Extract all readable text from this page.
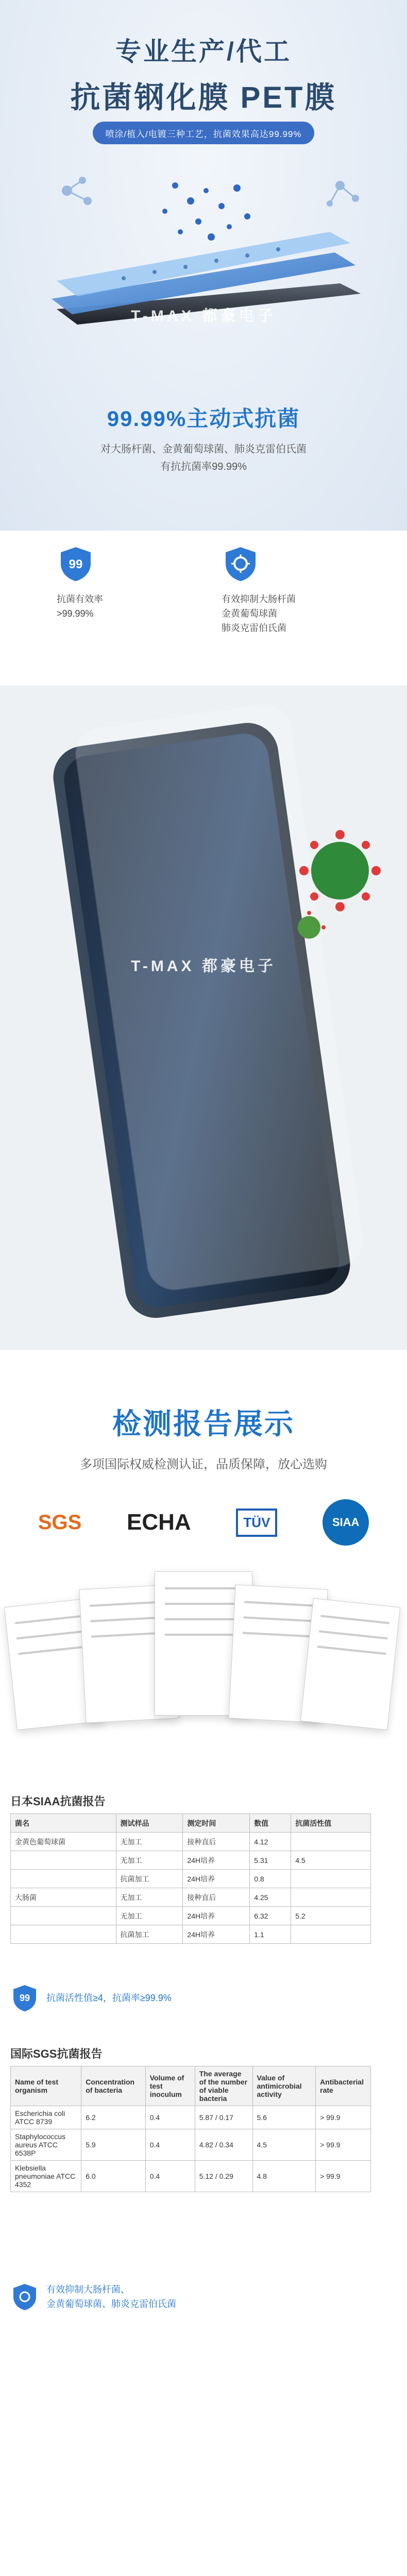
专业生产/代工
抗菌钢化膜 PET膜
喷涂/植入/电镀三种工艺，抗菌效果高达99.99%
T-MAX 都豪电子
99.99%主动式抗菌
对大肠杆菌、金黄葡萄球菌、肺炎克雷伯氏菌
有抗抗菌率99.99%
99
抗菌有效率
>99.99%
有效抑制大肠杆菌
金黄葡萄球菌
肺炎克雷伯氏菌
T-MAX 都豪电子
检测报告展示
多项国际权威检测认证，品质保障，放心选购
SGS ECHA	TÜV	SIAA
日本SIAA抗菌报告
菌名	测试样品	测定时间	数值	抗菌活性值
金黄色葡萄球菌	无加工	接种直后	4.12	
	无加工	24H培养	5.31	4.5
	抗菌加工	24H培养	0.8	
大肠菌	无加工	接种直后	4.25	
	无加工	24H培养	6.32	5.2
	抗菌加工	24H培养	1.1	
99 抗菌活性值≥4，抗菌率≥99.9%
国际SGS抗菌报告
Name of test organism	Concentration of bacteria	Volume of test inoculum	The average of the number of viable bacteria	Value of antimicrobial activity	Antibacterial rate
Escherichia coli ATCC 8739	6.2	0.4	5.87 / 0.17	5.6	> 99.9
Staphylococcus aureus ATCC 6538P	5.9	0.4	4.82 / 0.34	4.5	> 99.9
Klebsiella pneumoniae ATCC 4352	6.0	0.4	5.12 / 0.29	4.8	> 99.9
有效抑制大肠杆菌、
金黄葡萄球菌、肺炎克雷伯氏菌
